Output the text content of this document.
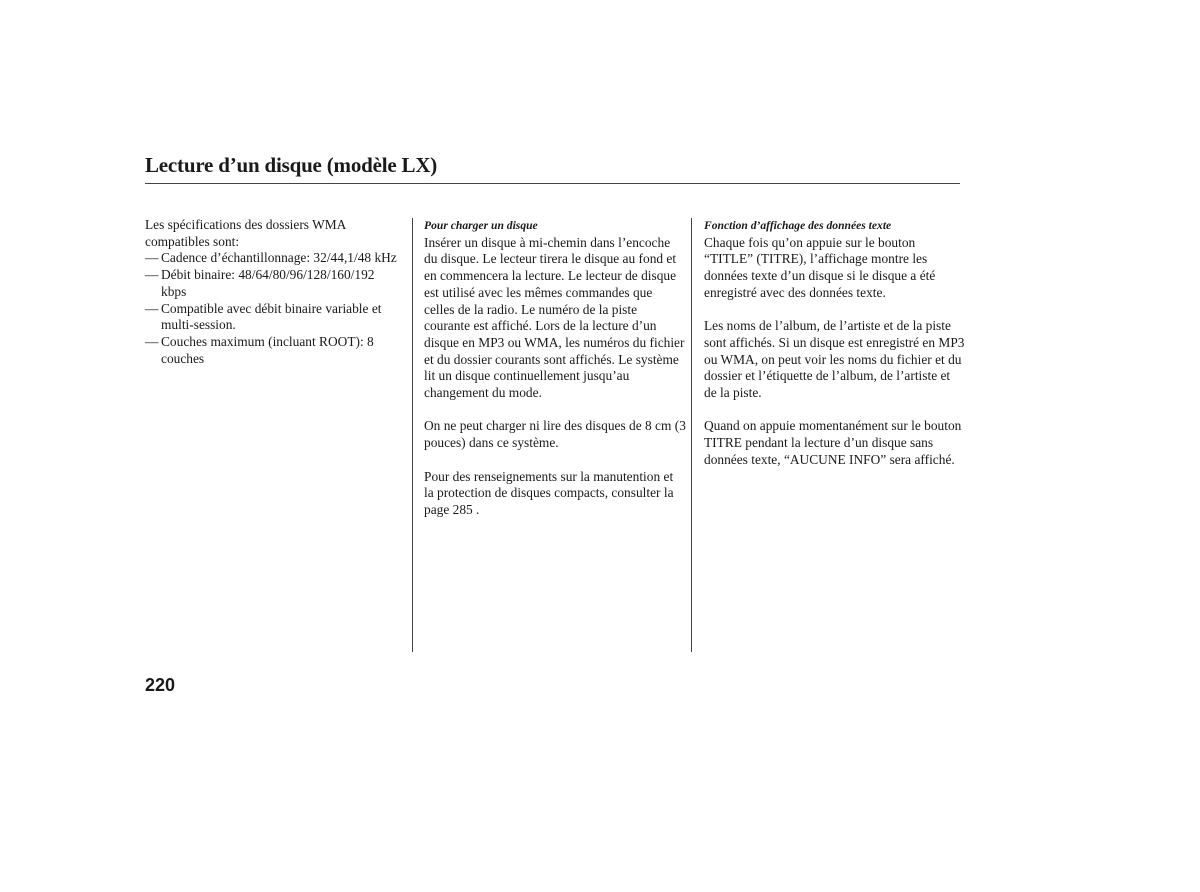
Lecture d’un disque (modèle LX)

Les spécifications des dossiers WMA compatibles sont:

— Cadence d’échantillonnage: 32/44,1/48 kHz
— Débit binaire: 48/64/80/96/128/160/192 kbps
— Compatible avec débit binaire variable et multi-session.
— Couches maximum (incluant ROOT): 8 couches
Pour charger un disque

Insérer un disque à mi-chemin dans l’encoche du disque. Le lecteur tirera le disque au fond et en commencera la lecture. Le lecteur de disque est utilisé avec les mêmes commandes que celles de la radio. Le numéro de la piste courante est affiché. Lors de la lecture d’un disque en MP3 ou WMA, les numéros du fichier et du dossier courants sont affichés. Le système lit un disque continuellement jusqu’au changement du mode.

On ne peut charger ni lire des disques de 8 cm (3 pouces) dans ce système.

Pour des renseignements sur la manutention et la protection de disques compacts, consulter la page 285 .

Fonction d’affichage des données texte

Chaque fois qu’on appuie sur le bouton “TITLE” (TITRE), l’affichage montre les données texte d’un disque si le disque a été enregistré avec des données texte.

Les noms de l’album, de l’artiste et de la piste sont affichés. Si un disque est enregistré en MP3 ou WMA, on peut voir les noms du fichier et du dossier et l’étiquette de l’album, de l’artiste et de la piste.

Quand on appuie momentanément sur le bouton TITRE pendant la lecture d’un disque sans données texte, “AUCUNE INFO” sera affiché.

220
